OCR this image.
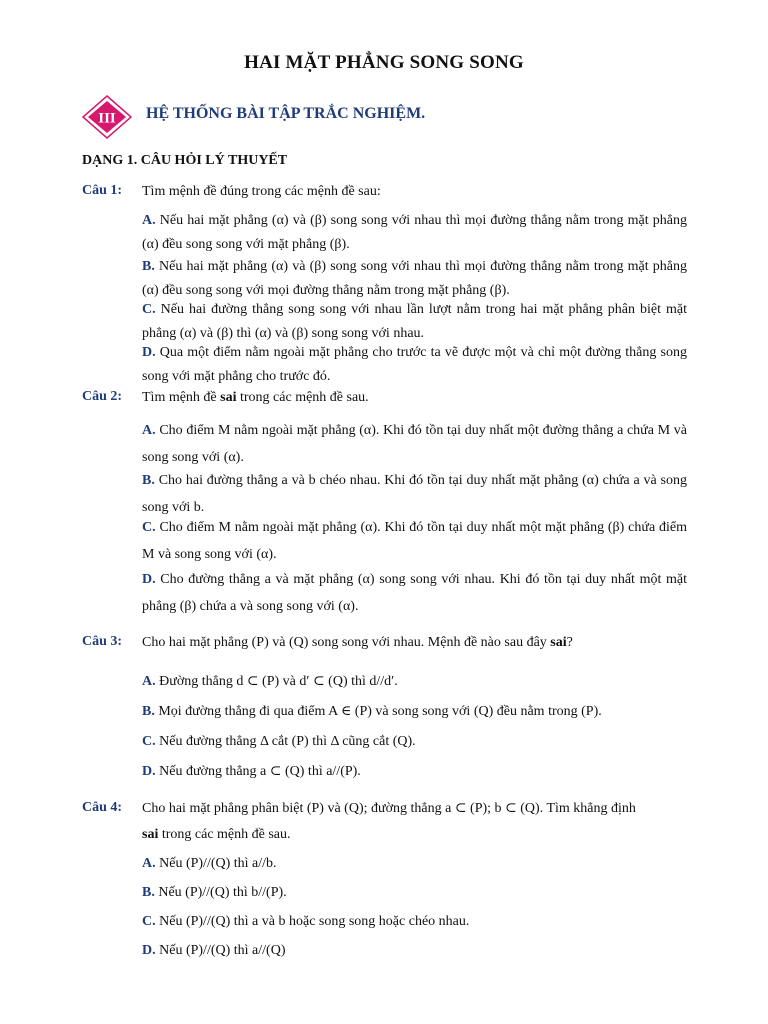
HAI MẶT PHẲNG SONG SONG
III HỆ THỐNG BÀI TẬP TRẮC NGHIỆM.
DẠNG 1. CÂU HỎI LÝ THUYẾT
Câu 1: Tìm mệnh đề đúng trong các mệnh đề sau:
A. Nếu hai mặt phẳng (α) và (β) song song với nhau thì mọi đường thẳng nằm trong mặt phẳng (α) đều song song với mặt phẳng (β).
B. Nếu hai mặt phẳng (α) và (β) song song với nhau thì mọi đường thẳng nằm trong mặt phẳng (α) đều song song với mọi đường thẳng nằm trong mặt phẳng (β).
C. Nếu hai đường thẳng song song với nhau lần lượt nằm trong hai mặt phẳng phân biệt mặt phẳng (α) và (β) thì (α) và (β) song song với nhau.
D. Qua một điểm nằm ngoài mặt phẳng cho trước ta vẽ được một và chỉ một đường thẳng song song với mặt phẳng cho trước đó.
Câu 2: Tìm mệnh đề sai trong các mệnh đề sau.
A. Cho điểm M nằm ngoài mặt phẳng (α). Khi đó tồn tại duy nhất một đường thẳng a chứa M và song song với (α).
B. Cho hai đường thẳng a và b chéo nhau. Khi đó tồn tại duy nhất mặt phẳng (α) chứa a và song song với b.
C. Cho điểm M nằm ngoài mặt phẳng (α). Khi đó tồn tại duy nhất một mặt phẳng (β) chứa điểm M và song song với (α).
D. Cho đường thẳng a và mặt phẳng (α) song song với nhau. Khi đó tồn tại duy nhất một mặt phẳng (β) chứa a và song song với (α).
Câu 3: Cho hai mặt phẳng (P) và (Q) song song với nhau. Mệnh đề nào sau đây sai?
A. Đường thẳng d ⊂ (P) và d′ ⊂ (Q) thì d//d′.
B. Mọi đường thẳng đi qua điểm A ∈ (P) và song song với (Q) đều nằm trong (P).
C. Nếu đường thẳng Δ cắt (P) thì Δ cũng cắt (Q).
D. Nếu đường thẳng a ⊂ (Q) thì a//(P).
Câu 4: Cho hai mặt phẳng phân biệt (P) và (Q); đường thẳng a ⊂ (P); b ⊂ (Q). Tìm khẳng định
sai trong các mệnh đề sau.
A. Nếu (P)//(Q) thì a//b.
B. Nếu (P)//(Q) thì b//(P).
C. Nếu (P)//(Q) thì a và b hoặc song song hoặc chéo nhau.
D. Nếu (P)//(Q) thì a//(Q)
